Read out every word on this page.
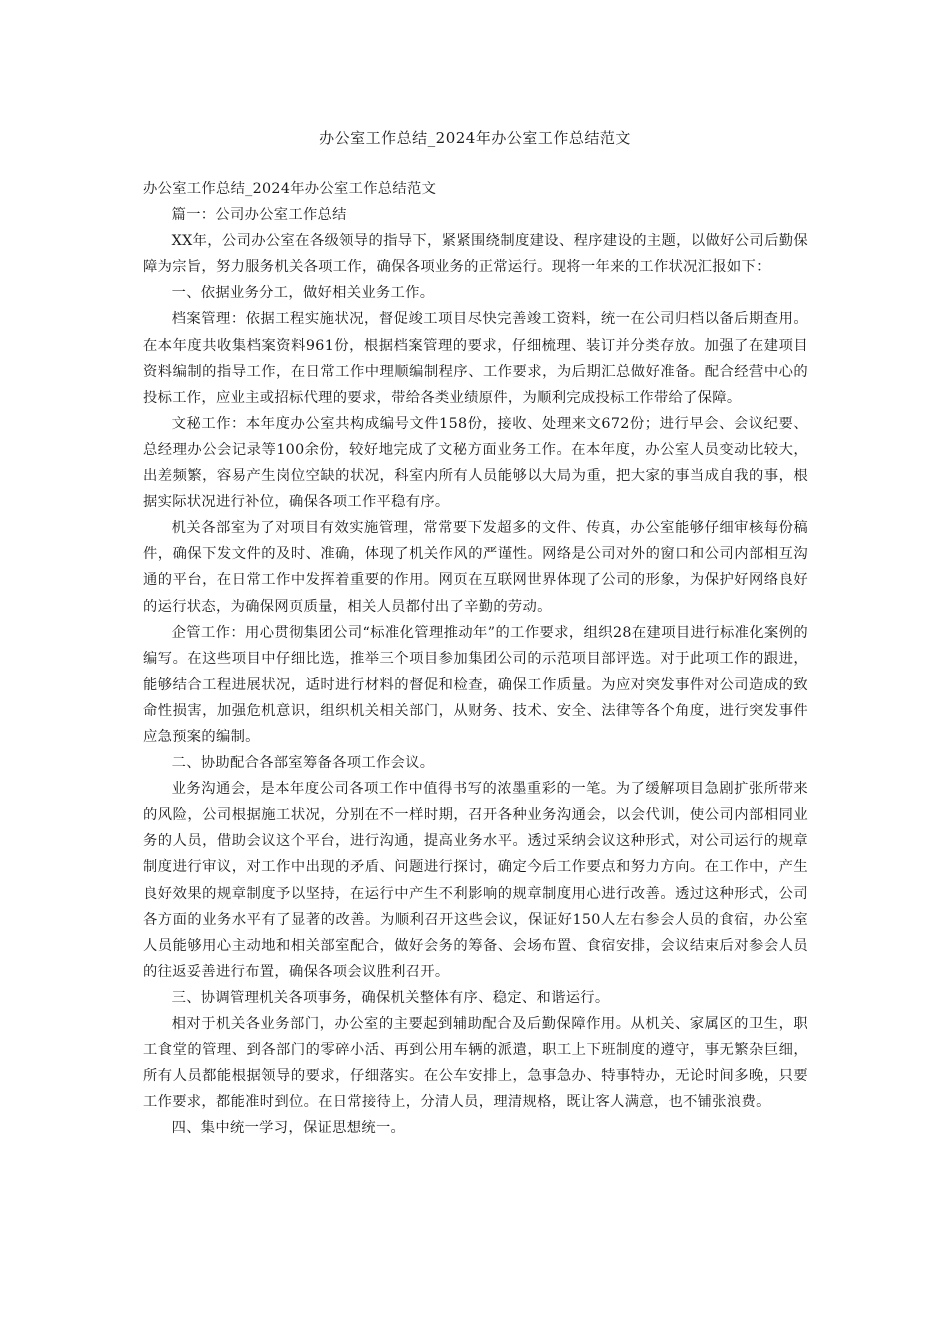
办公室工作总结_2024年办公室工作总结范文

办公室工作总结_2024年办公室工作总结范文

篇一：公司办公室工作总结

XX年，公司办公室在各级领导的指导下，紧紧围绕制度建设、程序建设的主题，以做好公司后勤保障为宗旨，努力服务机关各项工作，确保各项业务的正常运行。现将一年来的工作状况汇报如下：

一、依据业务分工，做好相关业务工作。

档案管理：依据工程实施状况，督促竣工项目尽快完善竣工资料，统一在公司归档以备后期查用。在本年度共收集档案资料961份，根据档案管理的要求，仔细梳理、装订并分类存放。加强了在建项目资料编制的指导工作，在日常工作中理顺编制程序、工作要求，为后期汇总做好准备。配合经营中心的投标工作，应业主或招标代理的要求，带给各类业绩原件，为顺利完成投标工作带给了保障。

文秘工作：本年度办公室共构成编号文件158份，接收、处理来文672份；进行早会、会议纪要、总经理办公会记录等100余份，较好地完成了文秘方面业务工作。在本年度，办公室人员变动比较大，出差频繁，容易产生岗位空缺的状况，科室内所有人员能够以大局为重，把大家的事当成自我的事，根据实际状况进行补位，确保各项工作平稳有序。

机关各部室为了对项目有效实施管理，常常要下发超多的文件、传真，办公室能够仔细审核每份稿件，确保下发文件的及时、准确，体现了机关作风的严谨性。网络是公司对外的窗口和公司内部相互沟通的平台，在日常工作中发挥着重要的作用。网页在互联网世界体现了公司的形象，为保护好网络良好的运行状态，为确保网页质量，相关人员都付出了辛勤的劳动。

企管工作：用心贯彻集团公司“标准化管理推动年”的工作要求，组织28在建项目进行标准化案例的编写。在这些项目中仔细比选，推举三个项目参加集团公司的示范项目部评选。对于此项工作的跟进，能够结合工程进展状况，适时进行材料的督促和检查，确保工作质量。为应对突发事件对公司造成的致命性损害，加强危机意识，组织机关相关部门，从财务、技术、安全、法律等各个角度，进行突发事件应急预案的编制。

二、协助配合各部室筹备各项工作会议。

业务沟通会，是本年度公司各项工作中值得书写的浓墨重彩的一笔。为了缓解项目急剧扩张所带来的风险，公司根据施工状况，分别在不一样时期，召开各种业务沟通会，以会代训，使公司内部相同业务的人员，借助会议这个平台，进行沟通，提高业务水平。透过采纳会议这种形式，对公司运行的规章制度进行审议，对工作中出现的矛盾、问题进行探讨，确定今后工作要点和努力方向。在工作中，产生良好效果的规章制度予以坚持，在运行中产生不利影响的规章制度用心进行改善。透过这种形式，公司各方面的业务水平有了显著的改善。为顺利召开这些会议，保证好150人左右参会人员的食宿，办公室人员能够用心主动地和相关部室配合，做好会务的筹备、会场布置、食宿安排，会议结束后对参会人员的往返妥善进行布置，确保各项会议胜利召开。

三、协调管理机关各项事务，确保机关整体有序、稳定、和谐运行。

相对于机关各业务部门，办公室的主要起到辅助配合及后勤保障作用。从机关、家属区的卫生，职工食堂的管理、到各部门的零碎小活、再到公用车辆的派遣，职工上下班制度的遵守，事无繁杂巨细，所有人员都能根据领导的要求，仔细落实。在公车安排上，急事急办、特事特办，无论时间多晚，只要工作要求，都能准时到位。在日常接待上，分清人员，理清规格，既让客人满意，也不铺张浪费。

四、集中统一学习，保证思想统一。
